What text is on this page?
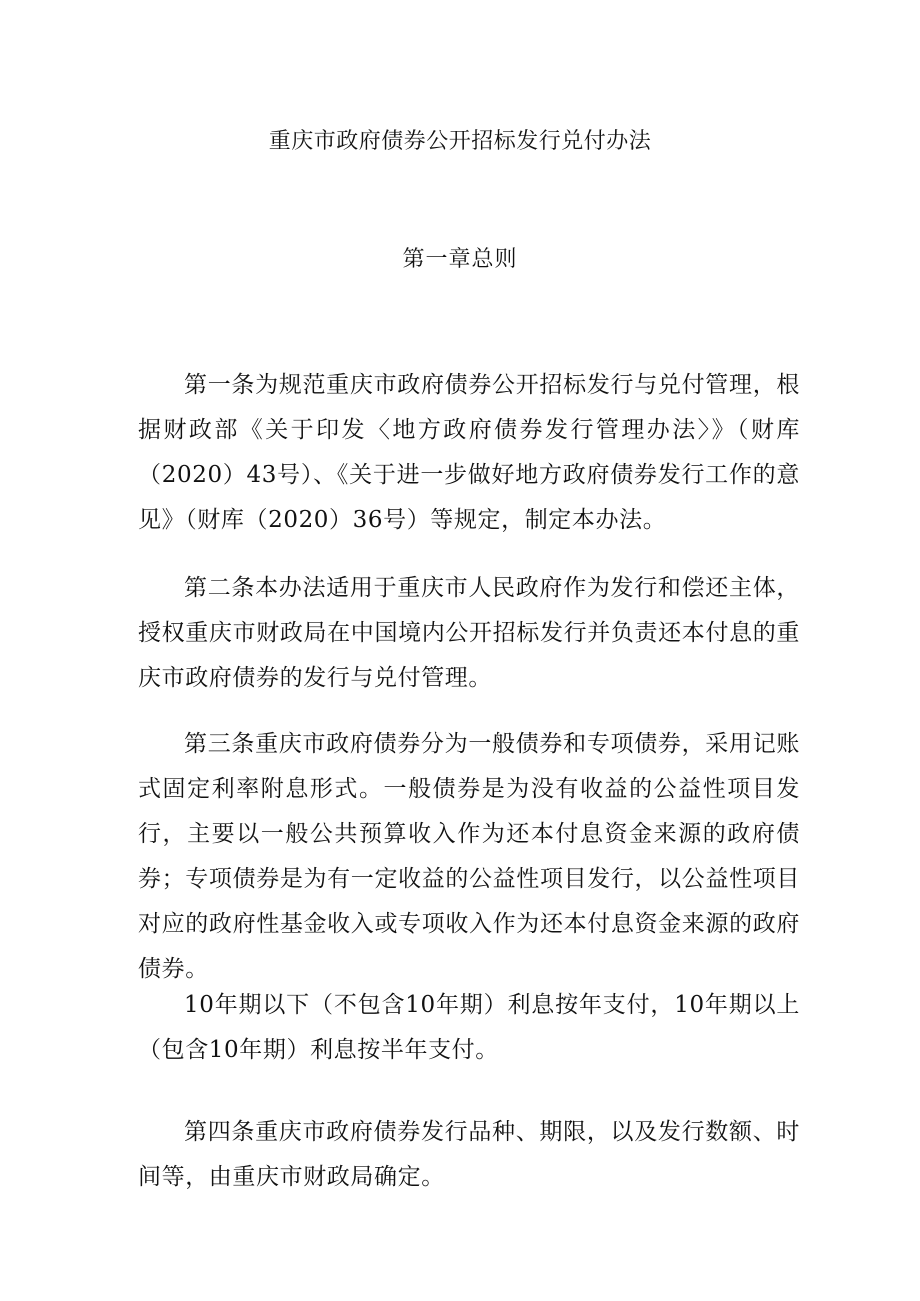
重庆市政府债券公开招标发行兑付办法
第一章总则

第一条为规范重庆市政府债券公开招标发行与兑付管理，根据财政部《关于印发〈地方政府债券发行管理办法〉》（财库（2020）43号）、《关于进一步做好地方政府债券发行工作的意见》（财库（2020）36号）等规定，制定本办法。

第二条本办法适用于重庆市人民政府作为发行和偿还主体，授权重庆市财政局在中国境内公开招标发行并负责还本付息的重庆市政府债券的发行与兑付管理。

第三条重庆市政府债券分为一般债券和专项债券，采用记账式固定利率附息形式。一般债券是为没有收益的公益性项目发行，主要以一般公共预算收入作为还本付息资金来源的政府债券；专项债券是为有一定收益的公益性项目发行，以公益性项目对应的政府性基金收入或专项收入作为还本付息资金来源的政府债券。

10年期以下（不包含10年期）利息按年支付，10年期以上（包含10年期）利息按半年支付。

第四条重庆市政府债券发行品种、期限，以及发行数额、时间等，由重庆市财政局确定。
